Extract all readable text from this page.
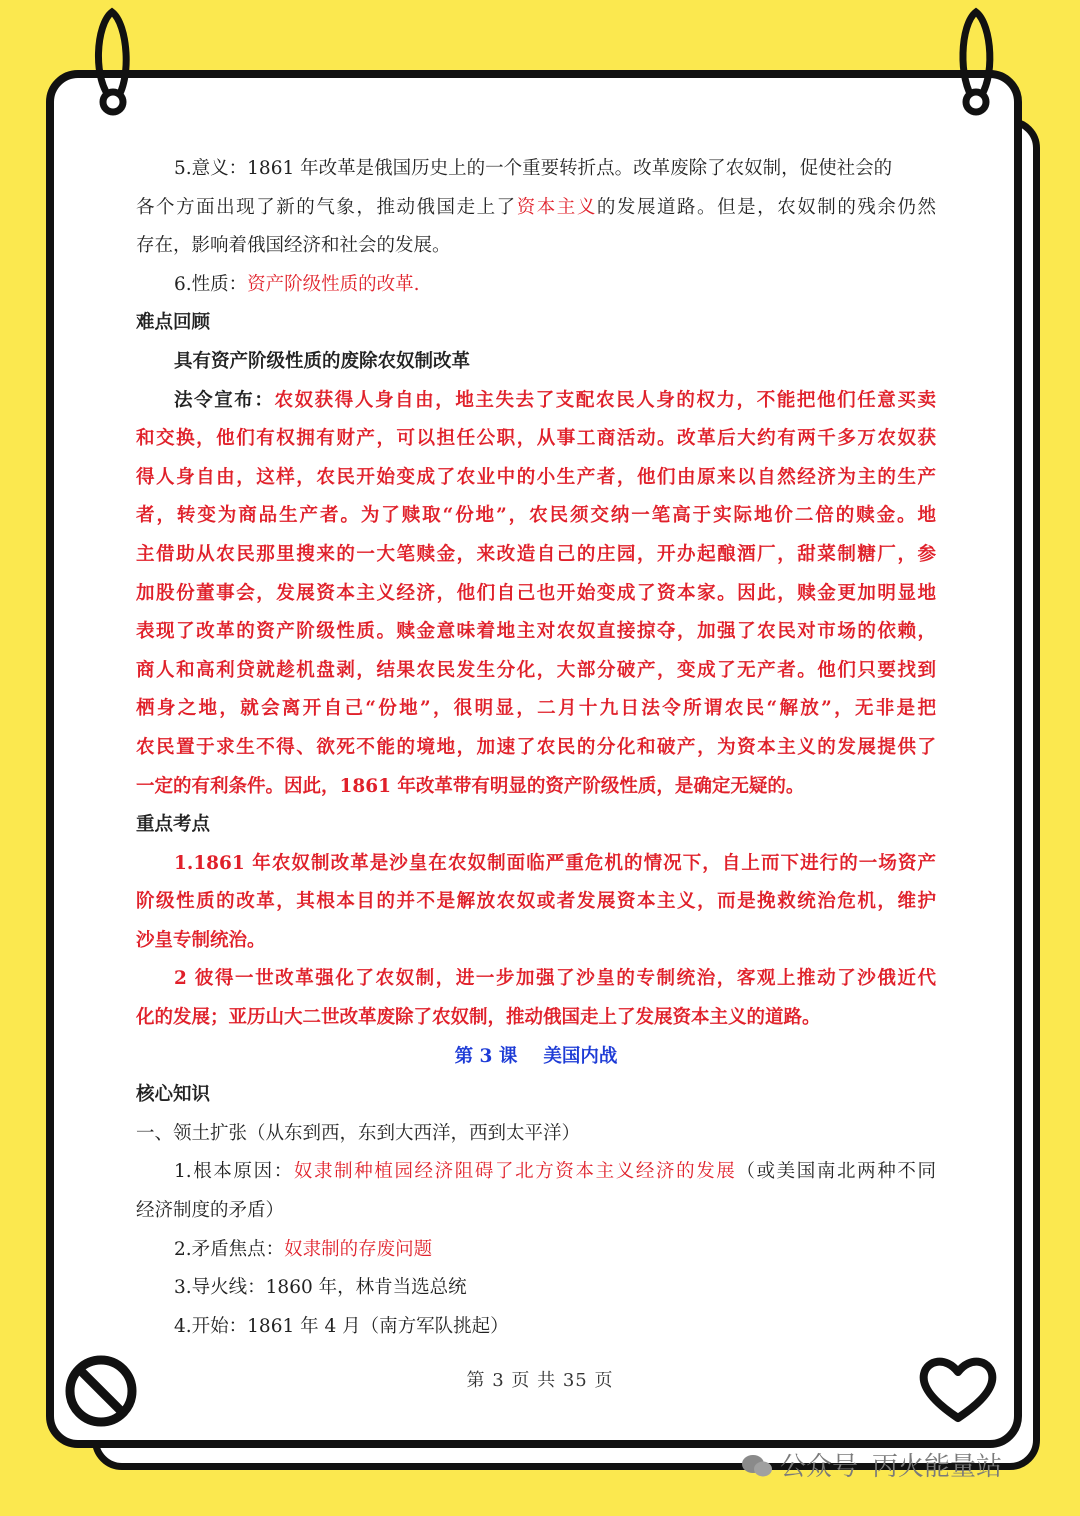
5.意义：1861 年改革是俄国历史上的一个重要转折点。改革废除了农奴制，促使社会的
各个方面出现了新的气象，推动俄国走上了资本主义的发展道路。但是，农奴制的残余仍然
存在，影响着俄国经济和社会的发展。
6.性质：资产阶级性质的改革.
难点回顾
具有资产阶级性质的废除农奴制改革
法令宣布：农奴获得人身自由，地主失去了支配农民人身的权力，不能把他们任意买卖
和交换，他们有权拥有财产，可以担任公职，从事工商活动。改革后大约有两千多万农奴获
得人身自由，这样，农民开始变成了农业中的小生产者，他们由原来以自然经济为主的生产
者，转变为商品生产者。为了赎取“份地”，农民须交纳一笔高于实际地价二倍的赎金。地
主借助从农民那里搜来的一大笔赎金，来改造自己的庄园，开办起酿酒厂，甜菜制糖厂，参
加股份董事会，发展资本主义经济，他们自己也开始变成了资本家。因此，赎金更加明显地
表现了改革的资产阶级性质。赎金意味着地主对农奴直接掠夺，加强了农民对市场的依赖，
商人和高利贷就趁机盘剥，结果农民发生分化，大部分破产，变成了无产者。他们只要找到
栖身之地，就会离开自己“份地”，很明显，二月十九日法令所谓农民“解放”，无非是把
农民置于求生不得、欲死不能的境地，加速了农民的分化和破产，为资本主义的发展提供了
一定的有利条件。因此，1861 年改革带有明显的资产阶级性质，是确定无疑的。
重点考点
1.1861 年农奴制改革是沙皇在农奴制面临严重危机的情况下，自上而下进行的一场资产
阶级性质的改革，其根本目的并不是解放农奴或者发展资本主义，而是挽救统治危机，维护
沙皇专制统治。
2 彼得一世改革强化了农奴制，进一步加强了沙皇的专制统治，客观上推动了沙俄近代
化的发展；亚历山大二世改革废除了农奴制，推动俄国走上了发展资本主义的道路。
第 3 课 美国内战
核心知识
一、领土扩张（从东到西，东到大西洋，西到太平洋）
1.根本原因：奴隶制种植园经济阻碍了北方资本主义经济的发展（或美国南北两种不同
经济制度的矛盾）
2.矛盾焦点：奴隶制的存废问题
3.导火线：1860 年，林肯当选总统
4.开始：1861 年 4 月（南方军队挑起）
第 3 页 共 35 页
公众号 丙火能量站
